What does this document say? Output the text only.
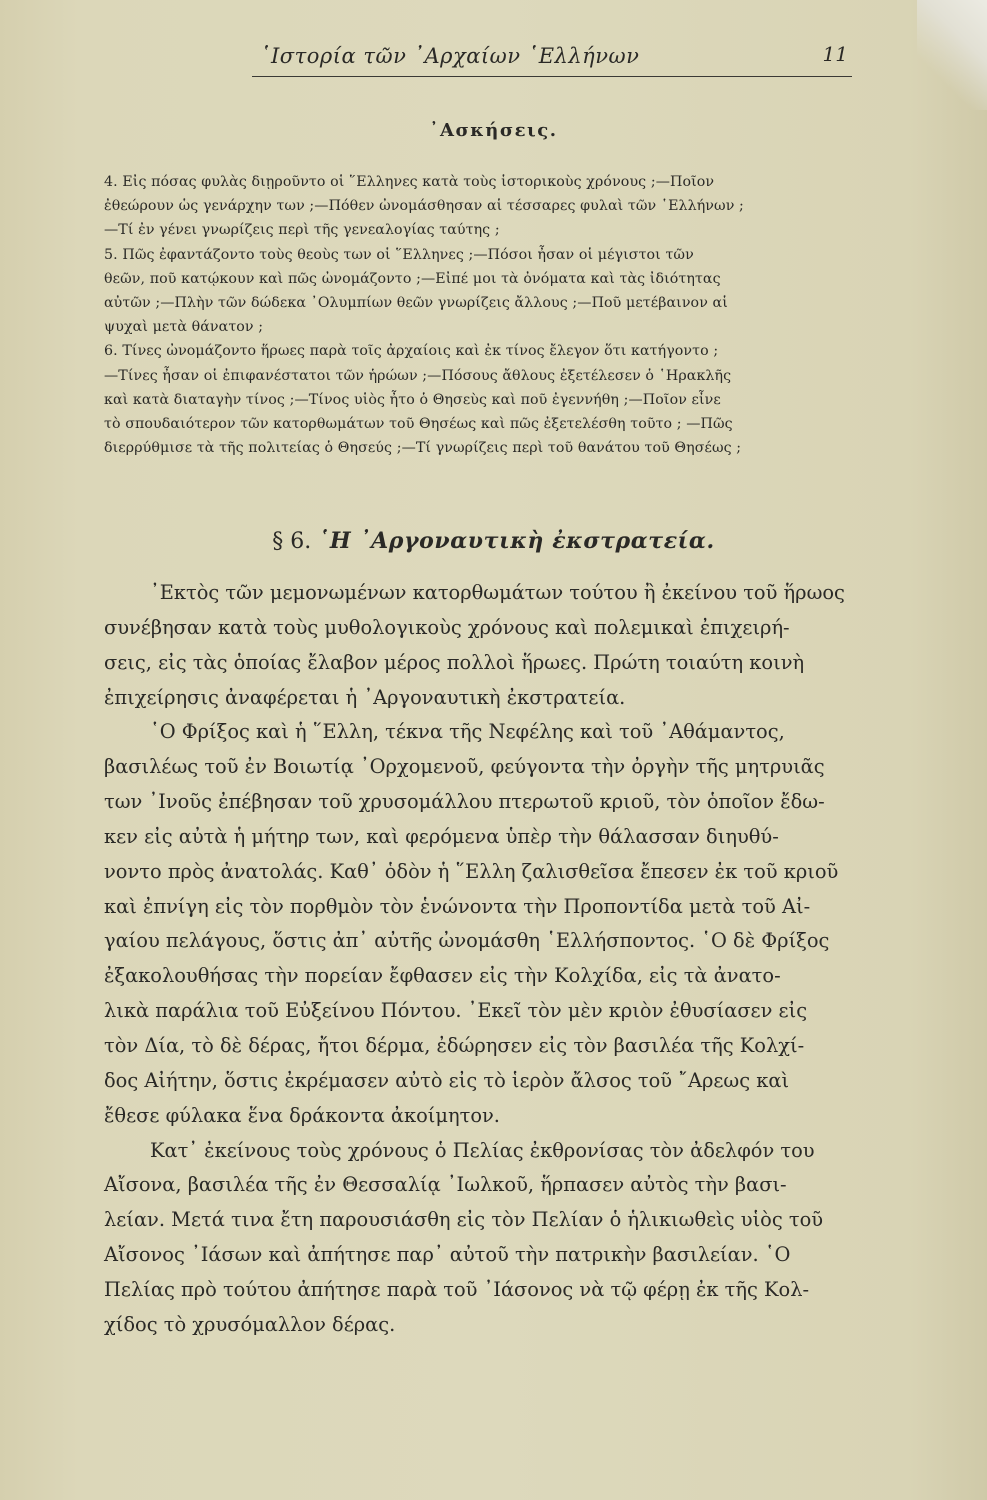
῾Ιστορία τῶν ᾿Αρχαίων ῾Ελλήνων	11
᾿Ασκήσεις.
4. Εἰς πόσας φυλὰς διῃροῦντο οἱ ῞Ελληνες κατὰ τοὺς ἱστορικοὺς χρόνους ;—Ποῖον
ἐθεώρουν ὡς γενάρχην των ;—Πόθεν ὠνομάσθησαν αἱ τέσσαρες φυλαὶ τῶν ῾Ελλήνων ;
—Τί ἐν γένει γνωρίζεις περὶ τῆς γενεαλογίας ταύτης ;
5. Πῶς ἐφαντάζοντο τοὺς θεοὺς των οἱ ῞Ελληνες ;—Πόσοι ἦσαν οἱ μέγιστοι τῶν
θεῶν, ποῦ κατῴκουν καὶ πῶς ὠνομάζοντο ;—Εἰπέ μοι τὰ ὀνόματα καὶ τὰς ἰδιότητας
αὐτῶν ;—Πλὴν τῶν δώδεκα ᾿Ολυμπίων θεῶν γνωρίζεις ἄλλους ;—Ποῦ μετέβαινον αἱ
ψυχαὶ μετὰ θάνατον ;
6. Τίνες ὠνομάζοντο ἥρωες παρὰ τοῖς ἀρχαίοις καὶ ἐκ τίνος ἔλεγον ὅτι κατήγοντο ;
—Τίνες ἦσαν οἱ ἐπιφανέστατοι τῶν ἡρώων ;—Πόσους ἄθλους ἐξετέλεσεν ὁ ῾Ηρακλῆς
καὶ κατὰ διαταγὴν τίνος ;—Τίνος υἱὸς ἦτο ὁ Θησεὺς καὶ ποῦ ἐγεννήθη ;—Ποῖον εἶνε
τὸ σπουδαιότερον τῶν κατορθωμάτων τοῦ Θησέως καὶ πῶς ἐξετελέσθη τοῦτο ; —Πῶς
διερρύθμισε τὰ τῆς πολιτείας ὁ Θησεύς ;—Τί γνωρίζεις περὶ τοῦ θανάτου τοῦ Θησέως ;
§ 6. ῾Η ᾿Αργοναυτικὴ ἐκστρατεία.
᾿Εκτὸς τῶν μεμονωμένων κατορθωμάτων τούτου ἢ ἐκείνου τοῦ ἥρωος
συνέβησαν κατὰ τοὺς μυθολογικοὺς χρόνους καὶ πολεμικαὶ ἐπιχειρή-
σεις, εἰς τὰς ὁποίας ἔλαβον μέρος πολλοὶ ἥρωες. Πρώτη τοιαύτη κοινὴ
ἐπιχείρησις ἀναφέρεται ἡ ᾿Αργοναυτικὴ ἐκστρατεία.
῾Ο Φρίξος καὶ ἡ ῞Ελλη, τέκνα τῆς Νεφέλης καὶ τοῦ ᾿Αθάμαντος,
βασιλέως τοῦ ἐν Βοιωτίᾳ ᾿Ορχομενοῦ, φεύγοντα τὴν ὀργὴν τῆς μητρυιᾶς
των ᾿Ινοῦς ἐπέβησαν τοῦ χρυσομάλλου πτερωτοῦ κριοῦ, τὸν ὁποῖον ἔδω-
κεν εἰς αὐτὰ ἡ μήτηρ των, καὶ φερόμενα ὑπὲρ τὴν θάλασσαν διηυθύ-
νοντο πρὸς ἀνατολάς. Καθ᾿ ὁδὸν ἡ ῞Ελλη ζαλισθεῖσα ἔπεσεν ἐκ τοῦ κριοῦ
καὶ ἐπνίγη εἰς τὸν πορθμὸν τὸν ἑνώνοντα τὴν Προποντίδα μετὰ τοῦ Αἰ-
γαίου πελάγους, ὅστις ἀπ᾿ αὐτῆς ὠνομάσθη ῾Ελλήσποντος. ῾Ο δὲ Φρίξος
ἐξακολουθήσας τὴν πορείαν ἔφθασεν εἰς τὴν Κολχίδα, εἰς τὰ ἀνατο-
λικὰ παράλια τοῦ Εὐξείνου Πόντου. ᾿Εκεῖ τὸν μὲν κριὸν ἐθυσίασεν εἰς
τὸν Δία, τὸ δὲ δέρας, ἤτοι δέρμα, ἐδώρησεν εἰς τὸν βασιλέα τῆς Κολχί-
δος Αἰήτην, ὅστις ἐκρέμασεν αὐτὸ εἰς τὸ ἱερὸν ἄλσος τοῦ ῎Αρεως καὶ
ἔθεσε φύλακα ἕνα δράκοντα ἀκοίμητον.
Κατ᾿ ἐκείνους τοὺς χρόνους ὁ Πελίας ἐκθρονίσας τὸν ἀδελφόν του
Αἴσονα, βασιλέα τῆς ἐν Θεσσαλίᾳ ᾿Ιωλκοῦ, ἥρπασεν αὐτὸς τὴν βασι-
λείαν. Μετά τινα ἔτη παρουσιάσθη εἰς τὸν Πελίαν ὁ ἡλικιωθεὶς υἱὸς τοῦ
Αἴσονος ᾿Ιάσων καὶ ἀπήτησε παρ᾿ αὐτοῦ τὴν πατρικὴν βασιλείαν. ῾Ο
Πελίας πρὸ τούτου ἀπήτησε παρὰ τοῦ ᾿Ιάσονος νὰ τῷ φέρῃ ἐκ τῆς Κολ-
χίδος τὸ χρυσόμαλλον δέρας.
